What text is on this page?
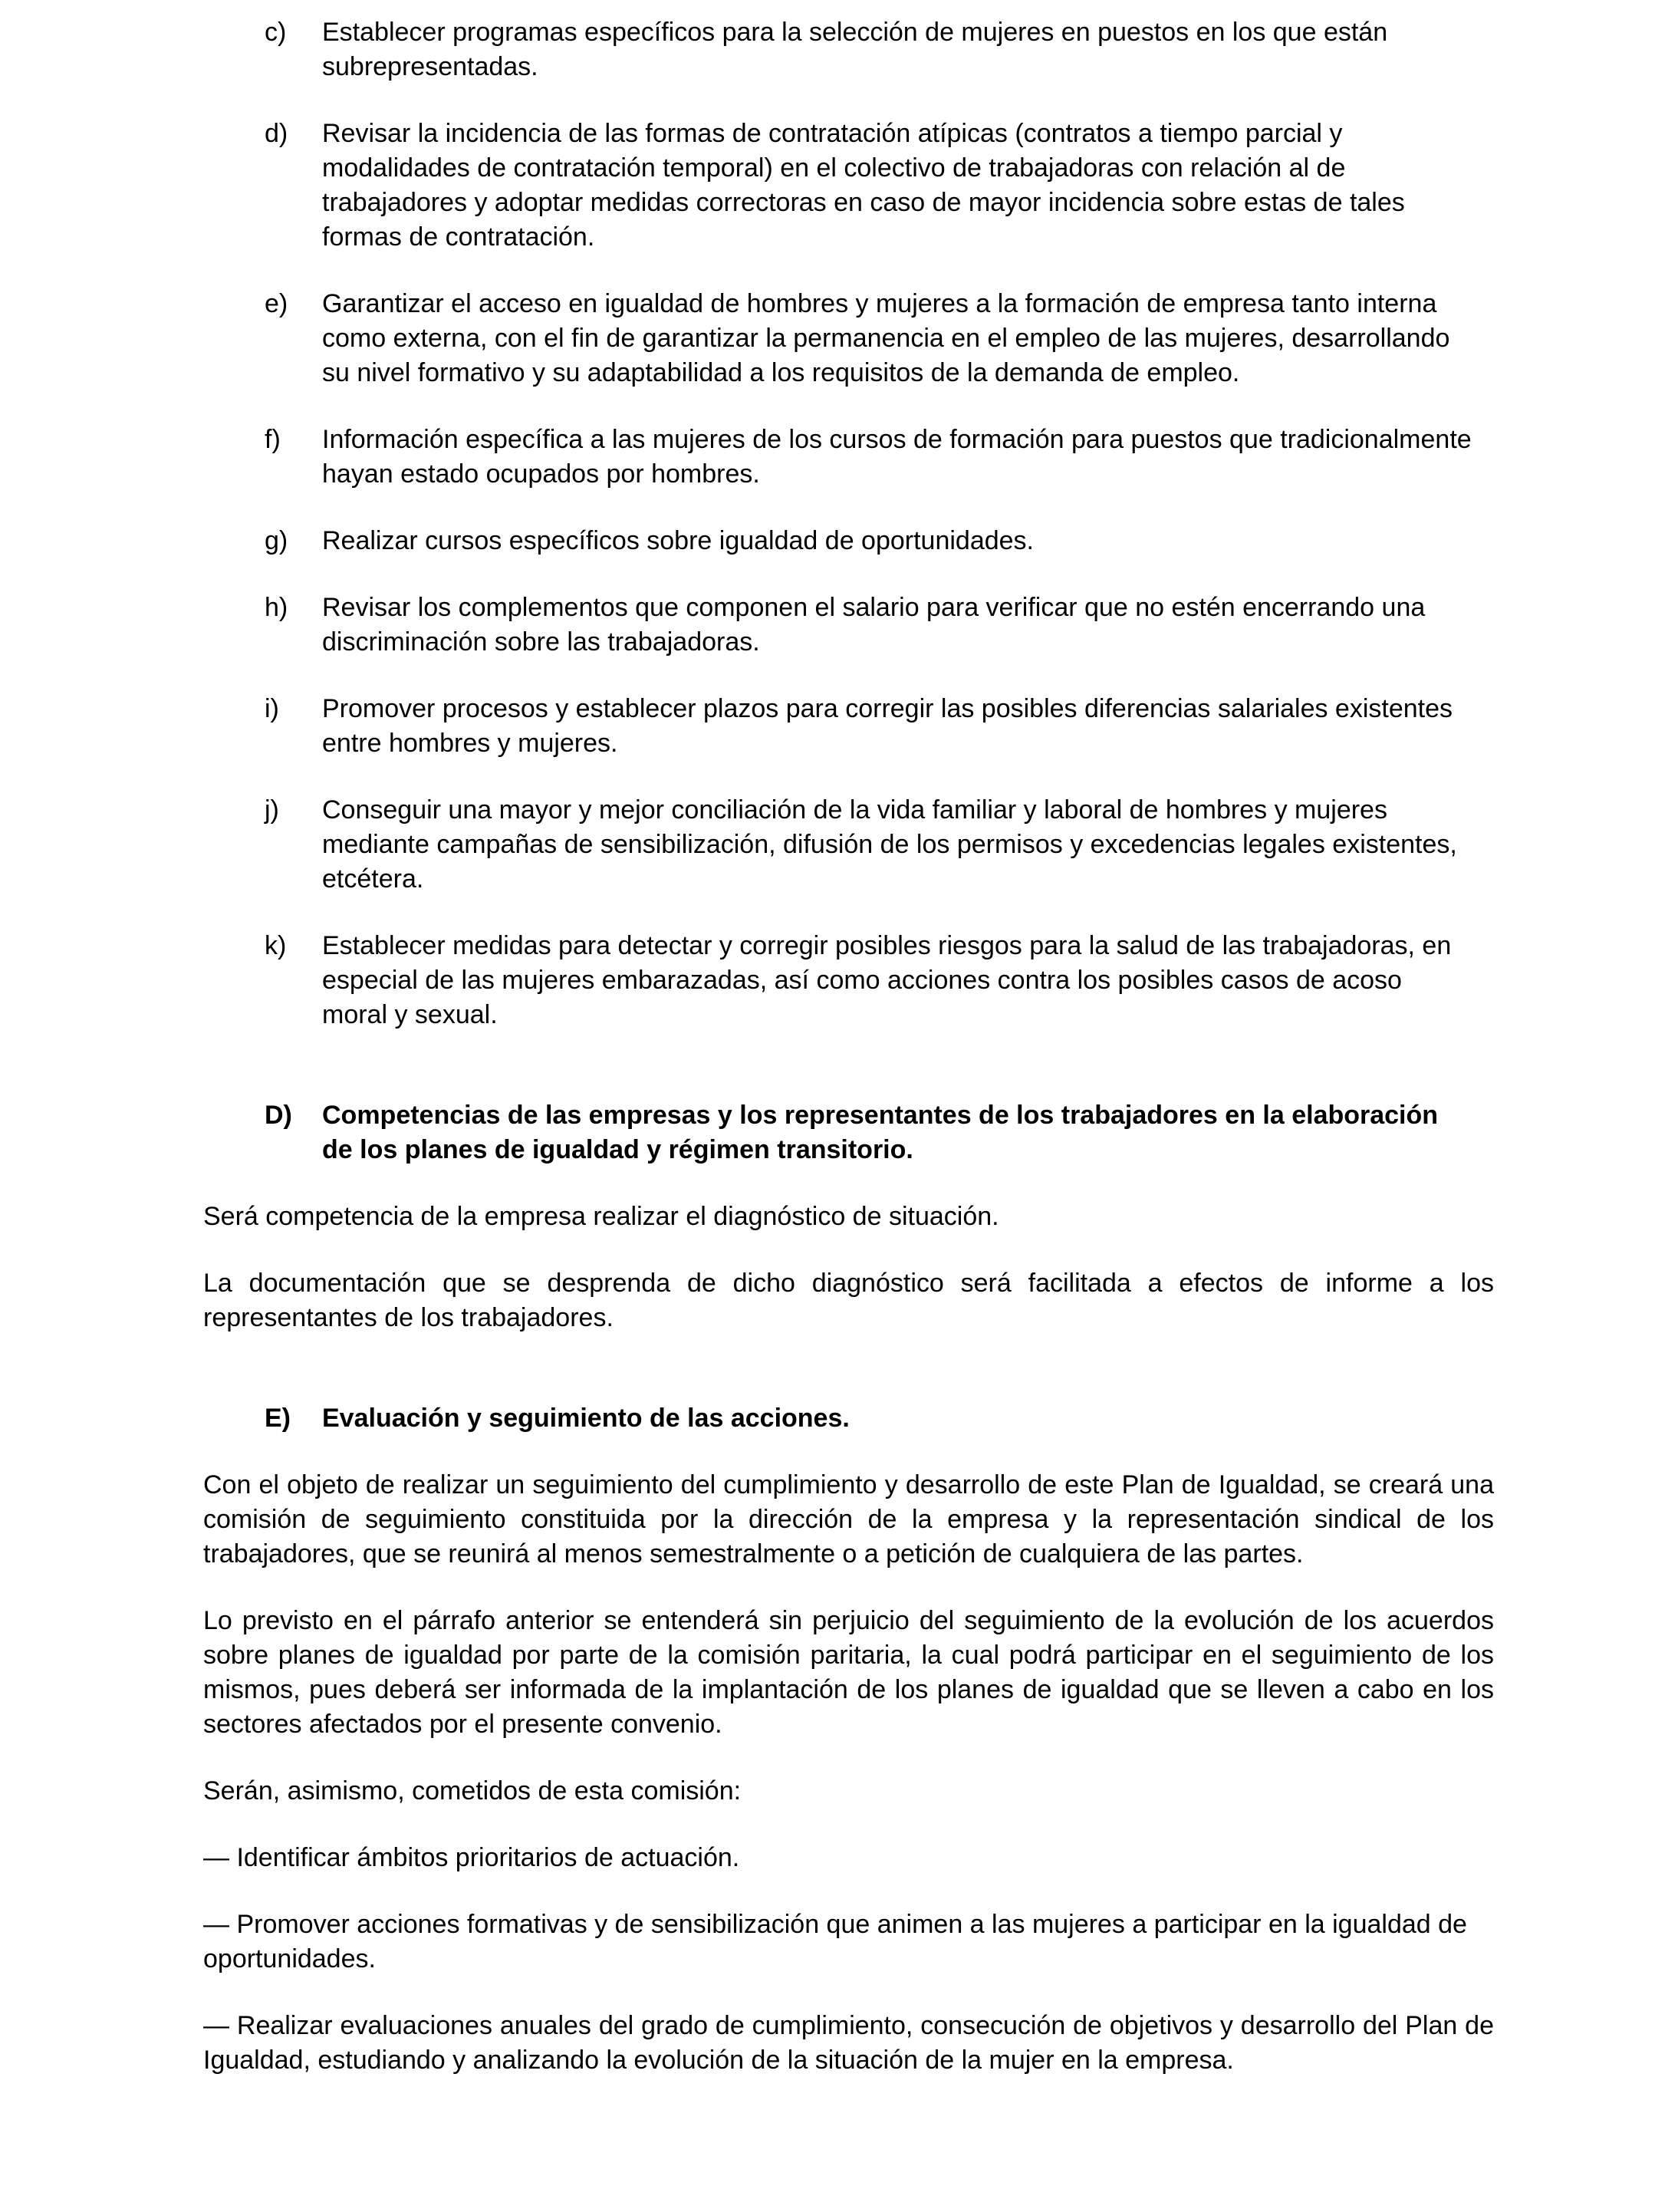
c)	Establecer programas específicos para la selección de mujeres en puestos en los que están subrepresentadas.
d)	Revisar la incidencia de las formas de contratación atípicas (contratos a tiempo parcial y modalidades de contratación temporal) en el colectivo de trabajadoras con relación al de trabajadores y adoptar medidas correctoras en caso de mayor incidencia sobre estas de tales formas de contratación.
e)	Garantizar el acceso en igualdad de hombres y mujeres a la formación de empresa tanto interna como externa, con el fin de garantizar la permanencia en el empleo de las mujeres, desarrollando su nivel formativo y su adaptabilidad a los requisitos de la demanda de empleo.
f)	Información específica a las mujeres de los cursos de formación para puestos que tradicionalmente hayan estado ocupados por hombres.
g)	Realizar cursos específicos sobre igualdad de oportunidades.
h)	Revisar los complementos que componen el salario para verificar que no estén encerrando una discriminación sobre las trabajadoras.
i)	Promover procesos y establecer plazos para corregir las posibles diferencias salariales existentes entre hombres y mujeres.
j)	Conseguir una mayor y mejor conciliación de la vida familiar y laboral de hombres y mujeres mediante campañas de sensibilización, difusión de los permisos y excedencias legales existentes, etcétera.
k)	Establecer medidas para detectar y corregir posibles riesgos para la salud de las trabajadoras, en especial de las mujeres embarazadas, así como acciones contra los posibles casos de acoso moral y sexual.
D)	Competencias de las empresas y los representantes de los trabajadores en la elaboración de los planes de igualdad y régimen transitorio.

Será competencia de la empresa realizar el diagnóstico de situación.

La documentación que se desprenda de dicho diagnóstico será facilitada a efectos de informe a los representantes de los trabajadores.

E)	Evaluación y seguimiento de las acciones.

Con el objeto de realizar un seguimiento del cumplimiento y desarrollo de este Plan de Igualdad, se creará una comisión de seguimiento constituida por la dirección de la empresa y la representación sindical de los trabajadores, que se reunirá al menos semestralmente o a petición de cualquiera de las partes.

Lo previsto en el párrafo anterior se entenderá sin perjuicio del seguimiento de la evolución de los acuerdos sobre planes de igualdad por parte de la comisión paritaria, la cual podrá participar en el seguimiento de los mismos, pues deberá ser informada de la implantación de los planes de igualdad que se lleven a cabo en los sectores afectados por el presente convenio.

Serán, asimismo, cometidos de esta comisión:

— Identificar ámbitos prioritarios de actuación.

— Promover acciones formativas y de sensibilización que animen a las mujeres a participar en la igualdad de oportunidades.

— Realizar evaluaciones anuales del grado de cumplimiento, consecución de objetivos y desarrollo del Plan de Igualdad, estudiando y analizando la evolución de la situación de la mujer en la empresa.
